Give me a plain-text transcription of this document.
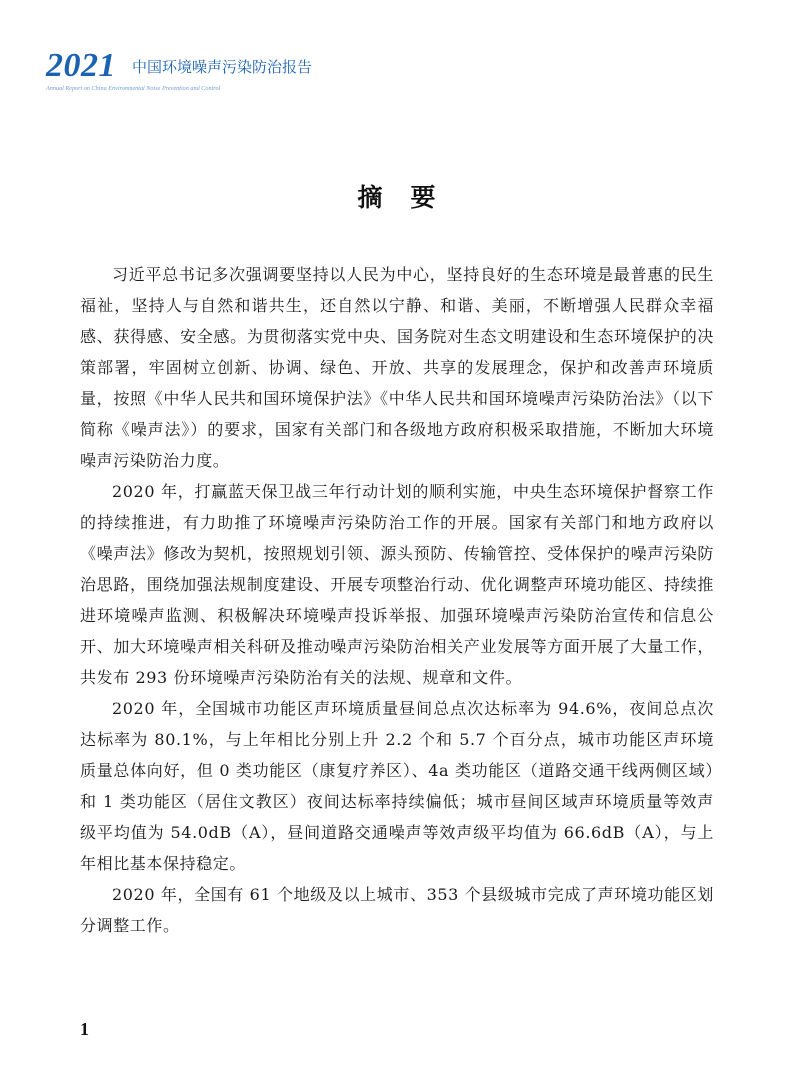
2021 中国环境噪声污染防治报告
Annual Report on China Environmental Noise Prevention and Control
摘 要

习近平总书记多次强调要坚持以人民为中心，坚持良好的生态环境是最普惠的民生福祉，坚持人与自然和谐共生，还自然以宁静、和谐、美丽，不断增强人民群众幸福感、获得感、安全感。为贯彻落实党中央、国务院对生态文明建设和生态环境保护的决策部署，牢固树立创新、协调、绿色、开放、共享的发展理念，保护和改善声环境质量，按照《中华人民共和国环境保护法》《中华人民共和国环境噪声污染防治法》（以下简称《噪声法》）的要求，国家有关部门和各级地方政府积极采取措施，不断加大环境噪声污染防治力度。

2020 年，打赢蓝天保卫战三年行动计划的顺利实施，中央生态环境保护督察工作的持续推进，有力助推了环境噪声污染防治工作的开展。国家有关部门和地方政府以《噪声法》修改为契机，按照规划引领、源头预防、传输管控、受体保护的噪声污染防治思路，围绕加强法规制度建设、开展专项整治行动、优化调整声环境功能区、持续推进环境噪声监测、积极解决环境噪声投诉举报、加强环境噪声污染防治宣传和信息公开、加大环境噪声相关科研及推动噪声污染防治相关产业发展等方面开展了大量工作，共发布 293 份环境噪声污染防治有关的法规、规章和文件。

2020 年，全国城市功能区声环境质量昼间总点次达标率为 94.6%，夜间总点次达标率为 80.1%，与上年相比分别上升 2.2 个和 5.7 个百分点，城市功能区声环境质量总体向好，但 0 类功能区（康复疗养区）、4a 类功能区（道路交通干线两侧区域）和 1 类功能区（居住文教区）夜间达标率持续偏低；城市昼间区域声环境质量等效声级平均值为 54.0dB（A），昼间道路交通噪声等效声级平均值为 66.6dB（A），与上年相比基本保持稳定。

2020 年，全国有 61 个地级及以上城市、353 个县级城市完成了声环境功能区划分调整工作。

1
